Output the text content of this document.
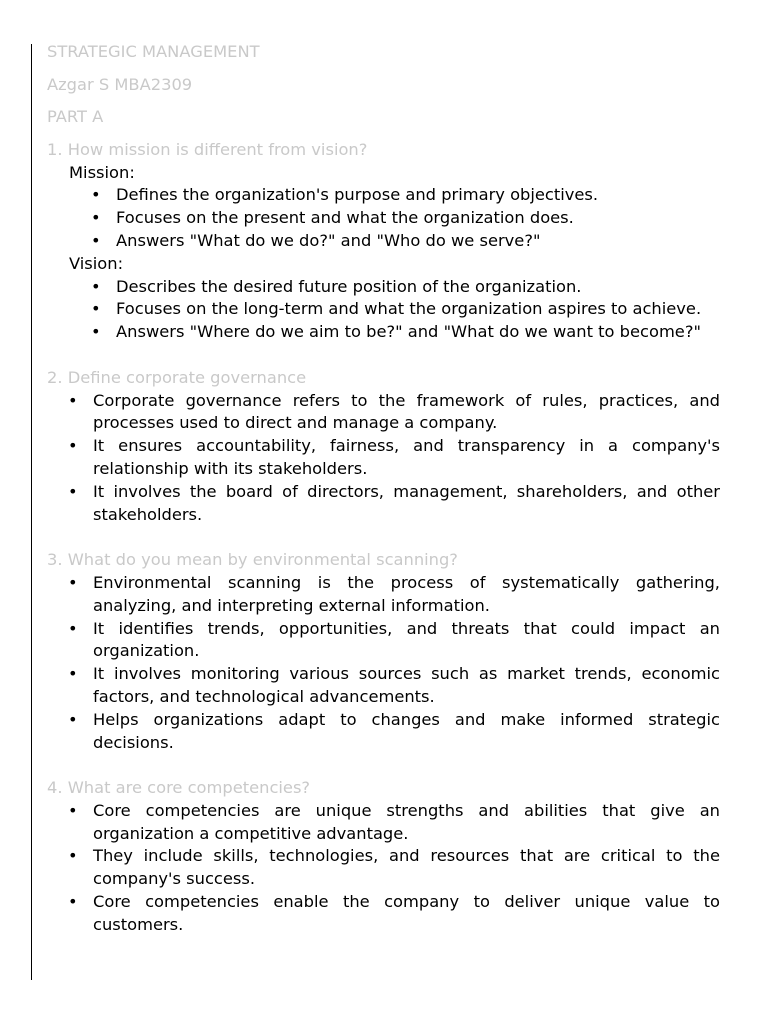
STRATEGIC MANAGEMENT
Azgar S MBA2309
PART A
1. How mission is different from vision?
Mission:
• Defines the organization's purpose and primary objectives.
• Focuses on the present and what the organization does.
• Answers "What do we do?" and "Who do we serve?"
Vision:
• Describes the desired future position of the organization.
• Focuses on the long-term and what the organization aspires to achieve.
• Answers "Where do we aim to be?" and "What do we want to become?"
2. Define corporate governance
• Corporate governance refers to the framework of rules, practices, and processes used to direct and manage a company.
• It ensures accountability, fairness, and transparency in a company's relationship with its stakeholders.
• It involves the board of directors, management, shareholders, and other stakeholders.
3. What do you mean by environmental scanning?
• Environmental scanning is the process of systematically gathering, analyzing, and interpreting external information.
• It identifies trends, opportunities, and threats that could impact an organization.
• It involves monitoring various sources such as market trends, economic factors, and technological advancements.
• Helps organizations adapt to changes and make informed strategic decisions.
4. What are core competencies?
• Core competencies are unique strengths and abilities that give an organization a competitive advantage.
• They include skills, technologies, and resources that are critical to the company's success.
• Core competencies enable the company to deliver unique value to customers.
